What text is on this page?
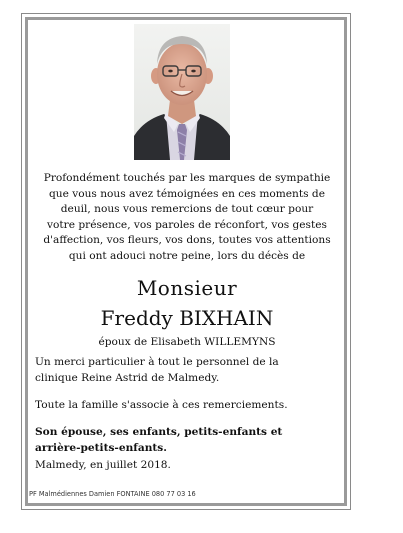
Profondément touchés par les marques de sympathie
que vous nous avez témoignées en ces moments de
deuil, nous vous remercions de tout cœur pour
votre présence, vos paroles de réconfort, vos gestes
d'affection, vos fleurs, vos dons, toutes vos attentions
qui ont adouci notre peine, lors du décès de
Monsieur
Freddy BIXHAIN
époux de Elisabeth WILLEMYNS
Un merci particulier à tout le personnel de la
clinique Reine Astrid de Malmedy.
Toute la famille s'associe à ces remerciements.
Son épouse, ses enfants, petits-enfants et
arrière-petits-enfants.
Malmedy, en juillet 2018.
PF Malmédiennes Damien FONTAINE 080 77 03 16
